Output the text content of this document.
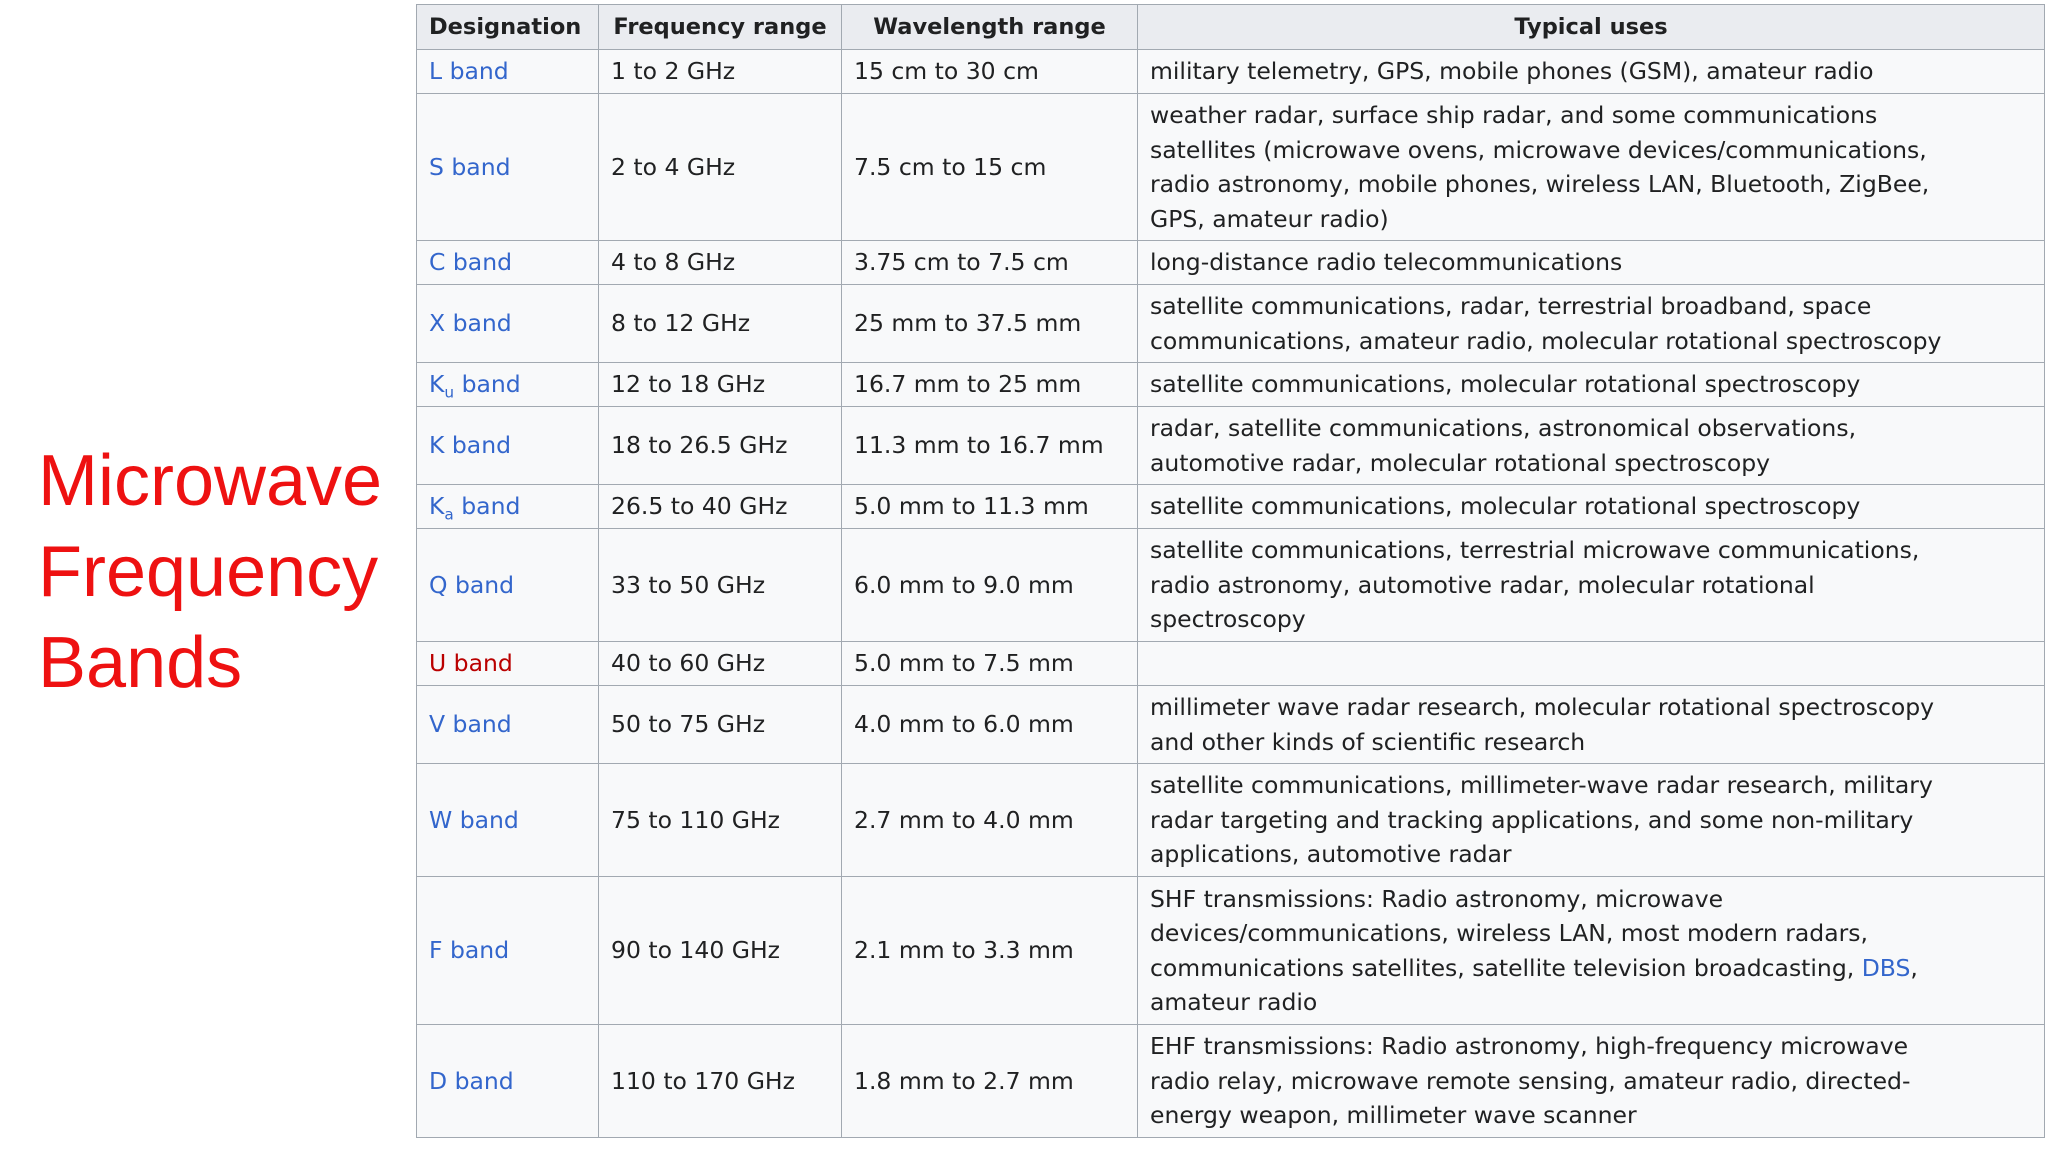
Microwave
Frequency
Bands
Designation	Frequency range	Wavelength range	Typical uses
L band	1 to 2 GHz	15 cm to 30 cm	military telemetry, GPS, mobile phones (GSM), amateur radio
S band	2 to 4 GHz	7.5 cm to 15 cm	weather radar, surface ship radar, and some communications
satellites (microwave ovens, microwave devices/communications,
radio astronomy, mobile phones, wireless LAN, Bluetooth, ZigBee,
GPS, amateur radio)
C band	4 to 8 GHz	3.75 cm to 7.5 cm	long-distance radio telecommunications
X band	8 to 12 GHz	25 mm to 37.5 mm	satellite communications, radar, terrestrial broadband, space
communications, amateur radio, molecular rotational spectroscopy
$K_u$ band	12 to 18 GHz	16.7 mm to 25 mm	satellite communications, molecular rotational spectroscopy
K band	18 to 26.5 GHz	11.3 mm to 16.7 mm	radar, satellite communications, astronomical observations,
automotive radar, molecular rotational spectroscopy
$K_a$ band	26.5 to 40 GHz	5.0 mm to 11.3 mm	satellite communications, molecular rotational spectroscopy
Q band	33 to 50 GHz	6.0 mm to 9.0 mm	satellite communications, terrestrial microwave communications,
radio astronomy, automotive radar, molecular rotational
spectroscopy
U band	40 to 60 GHz	5.0 mm to 7.5 mm	
V band	50 to 75 GHz	4.0 mm to 6.0 mm	millimeter wave radar research, molecular rotational spectroscopy
and other kinds of scientific research
W band	75 to 110 GHz	2.7 mm to 4.0 mm	satellite communications, millimeter-wave radar research, military
radar targeting and tracking applications, and some non-military
applications, automotive radar
F band	90 to 140 GHz	2.1 mm to 3.3 mm	SHF transmissions: Radio astronomy, microwave
devices/communications, wireless LAN, most modern radars,
communications satellites, satellite television broadcasting, DBS,
amateur radio
D band	110 to 170 GHz	1.8 mm to 2.7 mm	EHF transmissions: Radio astronomy, high-frequency microwave
radio relay, microwave remote sensing, amateur radio, directed-
energy weapon, millimeter wave scanner
